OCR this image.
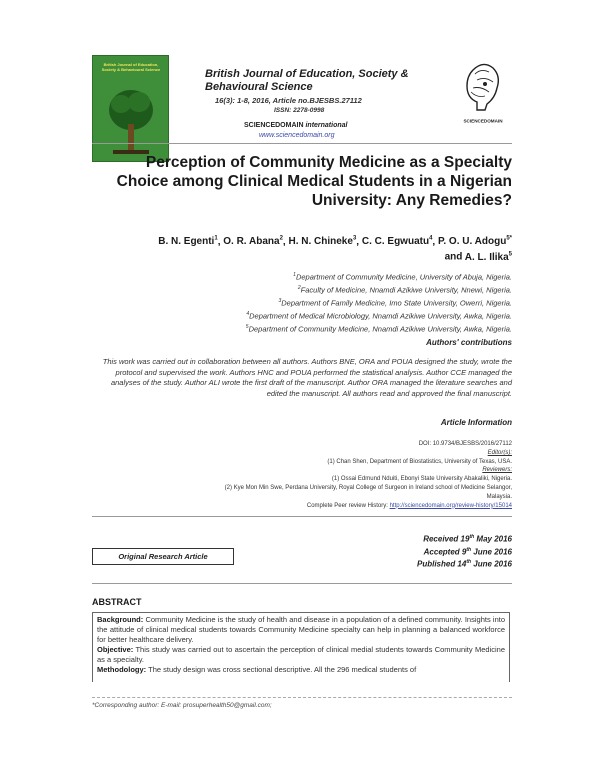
British Journal of Education, Society & Behavioural Science	British Journal of Education, Society & Behavioural Science
16(3): 1-8, 2016, Article no.BJESBS.27112
ISSN: 2278-0998
SCIENCEDOMAIN international
www.sciencedomain.org
SCIENCEDOMAIN
Perception of Community Medicine as a Specialty Choice among Clinical Medical Students in a Nigerian University: Any Remedies?
B. N. Egenti$^1$, O. R. Abana$^2$, H. N. Chineke$^3$, C. C. Egwuatu$^4$, P. O. U. Adogu$^{5*}$
and A. L. Ilika$^5$
$^1$Department of Community Medicine, University of Abuja, Nigeria.
$^2$Faculty of Medicine, Nnamdi Azikiwe University, Nnewi, Nigeria.
$^3$Department of Family Medicine, Imo State University, Owerri, Nigeria.
$^4$Department of Medical Microbiology, Nnamdi Azikiwe University, Awka, Nigeria.
$^5$Department of Community Medicine, Nnamdi Azikiwe University, Awka, Nigeria.
Authors' contributions
This work was carried out in collaboration between all authors. Authors BNE, ORA and POUA designed the study, wrote the protocol and supervised the work. Authors HNC and POUA performed the statistical analysis. Author CCE managed the analyses of the study. Author ALI wrote the first draft of the manuscript. Author ORA managed the literature searches and edited the manuscript. All authors read and approved the final manuscript.
Article Information
DOI: 10.9734/BJESBS/2016/27112
Editor(s):
(1) Chan Shen, Department of Biostatistics, University of Texas, USA.
Reviewers:
(1) Ossai Edmund Nduiti, Ebonyi State University Abakaliki, Nigeria.
(2) Kye Mon Min Swe, Perdana University, Royal College of Surgeon in Ireland school of Medicine Selangor,
Malaysia.
Complete Peer review History: http://sciencedomain.org/review-history/15014
Original Research Article
Received 19th May 2016
Accepted 9th June 2016
Published 14th June 2016
ABSTRACT
Background: Community Medicine is the study of health and disease in a population of a defined community. Insights into the attitude of clinical medical students towards Community Medicine specialty can help in planning a balanced workforce for better healthcare delivery.
Objective: This study was carried out to ascertain the perception of clinical medial students towards Community Medicine as a specialty.
Methodology: The study design was cross sectional descriptive. All the 296 medical students of
*Corresponding author: E-mail: prosuperhealth50@gmail.com;
